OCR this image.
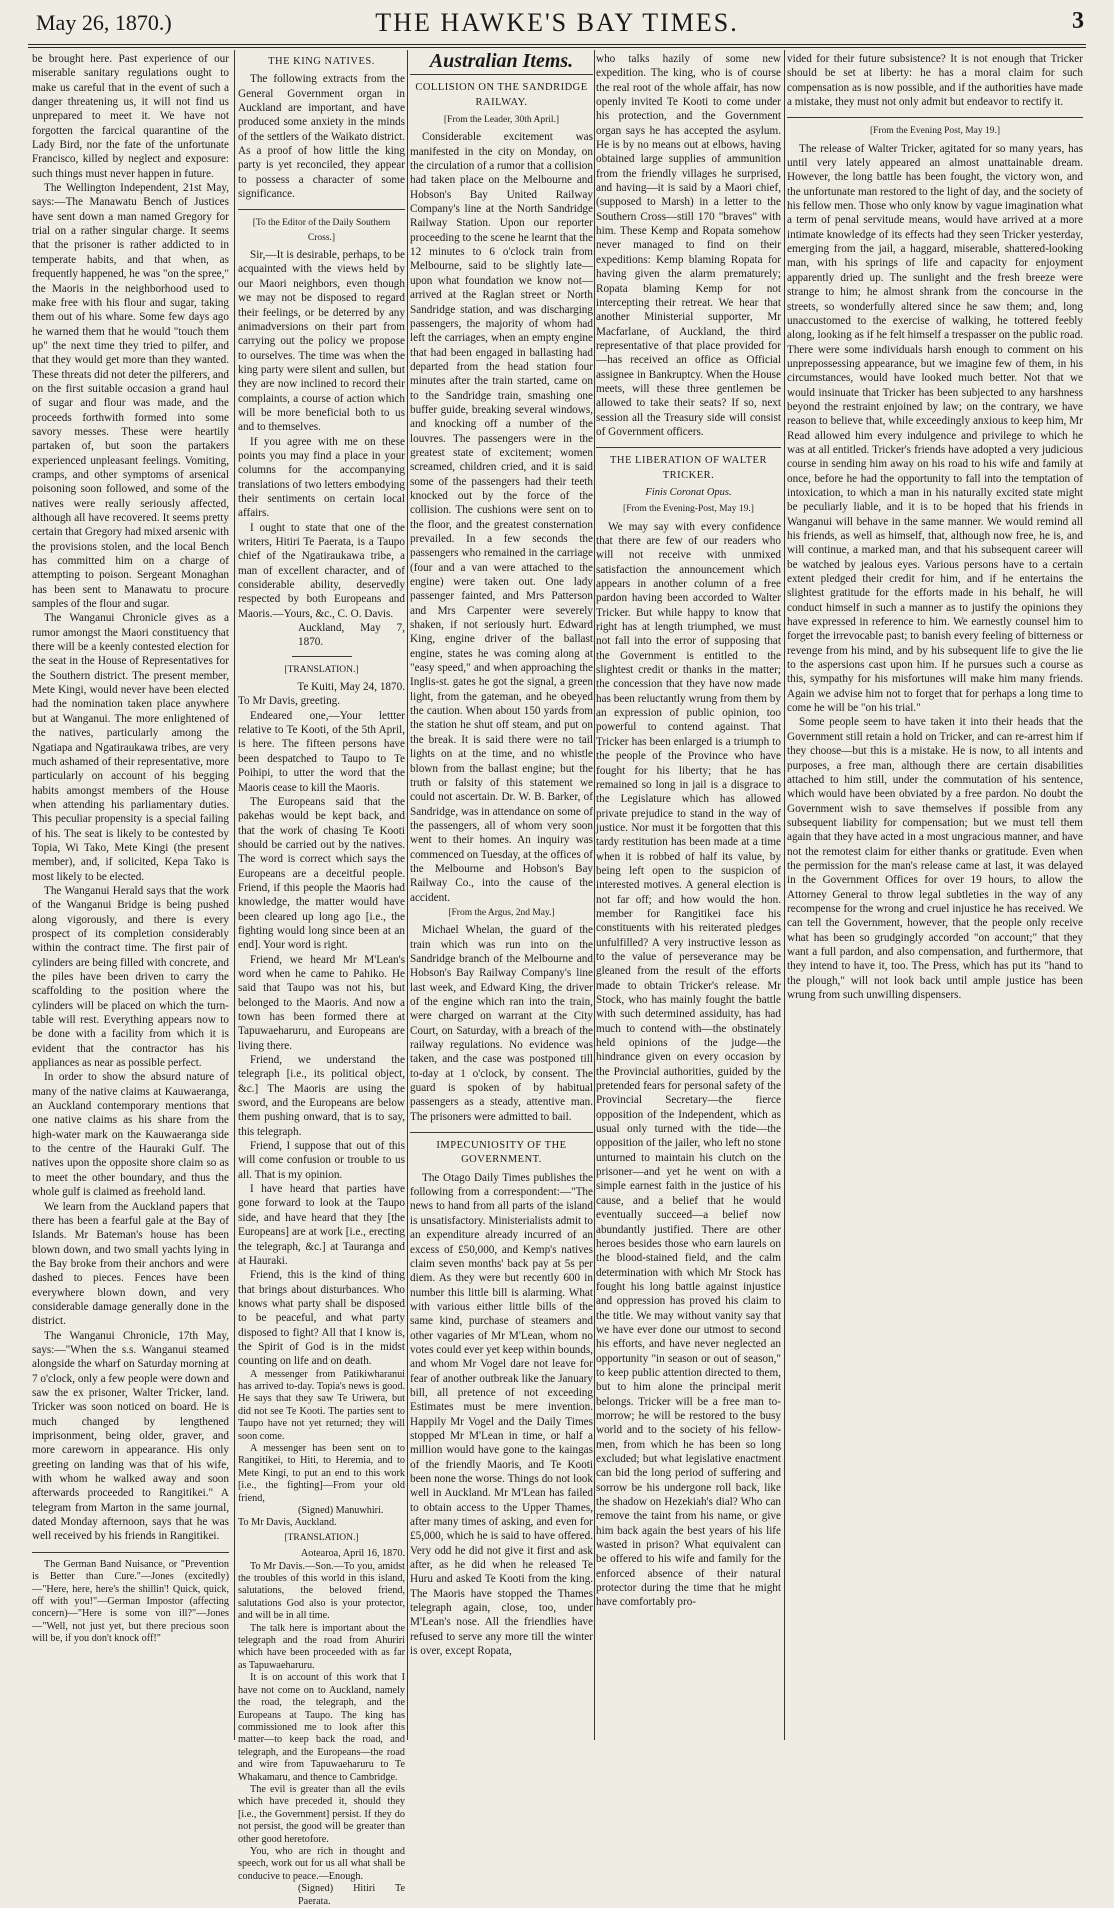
May 26, 1870.)	THE HAWKE'S BAY TIMES.	3

be brought here. Past experience of our miserable sanitary regulations ought to make us careful that in the event of such a danger threatening us, it will not find us unprepared to meet it. We have not forgotten the farcical quarantine of the Lady Bird, nor the fate of the unfortunate Francisco, killed by neglect and exposure: such things must never happen in future.

The Wellington Independent, 21st May, says:—The Manawatu Bench of Justices have sent down a man named Gregory for trial on a rather singular charge. It seems that the prisoner is rather addicted to in temperate habits, and that when, as frequently happened, he was "on the spree," the Maoris in the neighborhood used to make free with his flour and sugar, taking them out of his whare. Some few days ago he warned them that he would "touch them up" the next time they tried to pilfer, and that they would get more than they wanted. These threats did not deter the pilferers, and on the first suitable occasion a grand haul of sugar and flour was made, and the proceeds forthwith formed into some savory messes. These were heartily partaken of, but soon the partakers experienced unpleasant feelings. Vomiting, cramps, and other symptoms of arsenical poisoning soon followed, and some of the natives were really seriously affected, although all have recovered. It seems pretty certain that Gregory had mixed arsenic with the provisions stolen, and the local Bench has committed him on a charge of attempting to poison. Sergeant Monaghan has been sent to Manawatu to procure samples of the flour and sugar.

The Wanganui Chronicle gives as a rumor amongst the Maori constituency that there will be a keenly contested election for the seat in the House of Representatives for the Southern district. The present member, Mete Kingi, would never have been elected had the nomination taken place anywhere but at Wanganui. The more enlightened of the natives, particularly among the Ngatiapa and Ngatiraukawa tribes, are very much ashamed of their representative, more particularly on account of his begging habits amongst members of the House when attending his parliamentary duties. This peculiar propensity is a special failing of his. The seat is likely to be contested by Topia, Wi Tako, Mete Kingi (the present member), and, if solicited, Kepa Tako is most likely to be elected.

The Wanganui Herald says that the work of the Wanganui Bridge is being pushed along vigorously, and there is every prospect of its completion considerably within the contract time. The first pair of cylinders are being filled with concrete, and the piles have been driven to carry the scaffolding to the position where the cylinders will be placed on which the turn-table will rest. Everything appears now to be done with a facility from which it is evident that the contractor has his appliances as near as possible perfect.

In order to show the absurd nature of many of the native claims at Kauwaeranga, an Auckland contemporary mentions that one native claims as his share from the high-water mark on the Kauwaeranga side to the centre of the Hauraki Gulf. The natives upon the opposite shore claim so as to meet the other boundary, and thus the whole gulf is claimed as freehold land.

We learn from the Auckland papers that there has been a fearful gale at the Bay of Islands. Mr Bateman's house has been blown down, and two small yachts lying in the Bay broke from their anchors and were dashed to pieces. Fences have been everywhere blown down, and very considerable damage generally done in the district.

The Wanganui Chronicle, 17th May, says:—"When the s.s. Wanganui steamed alongside the wharf on Saturday morning at 7 o'clock, only a few people were down and saw the ex prisoner, Walter Tricker, land. Tricker was soon noticed on board. He is much changed by lengthened imprisonment, being older, graver, and more careworn in appearance. His only greeting on landing was that of his wife, with whom he walked away and soon afterwards proceeded to Rangitikei." A telegram from Marton in the same journal, dated Monday afternoon, says that he was well received by his friends in Rangitikei.

The German Band Nuisance, or "Prevention is Better than Cure."—Jones (excitedly)—"Here, here, here's the shillin'! Quick, quick, off with you!"—German Impostor (affecting concern)—"Here is some von ill?"—Jones—"Well, not just yet, but there precious soon will be, if you don't knock off!"

THE KING NATIVES.

The following extracts from the General Government organ in Auckland are important, and have produced some anxiety in the minds of the settlers of the Waikato district. As a proof of how little the king party is yet reconciled, they appear to possess a character of some significance.

[To the Editor of the Daily Southern Cross.]

Sir,—It is desirable, perhaps, to be acquainted with the views held by our Maori neighbors, even though we may not be disposed to regard their feelings, or be deterred by any animadversions on their part from carrying out the policy we propose to ourselves. The time was when the king party were silent and sullen, but they are now inclined to record their complaints, a course of action which will be more beneficial both to us and to themselves.

If you agree with me on these points you may find a place in your columns for the accompanying translations of two letters embodying their sentiments on certain local affairs.

I ought to state that one of the writers, Hitiri Te Paerata, is a Taupo chief of the Ngatiraukawa tribe, a man of excellent character, and of considerable ability, deservedly respected by both Europeans and Maoris.—Yours, &c., C. O. Davis.

Auckland, May 7, 1870.

[TRANSLATION.]

Te Kuiti, May 24, 1870.

To Mr Davis, greeting.

Endeared one,—Your lettter relative to Te Kooti, of the 5th April, is here. The fifteen persons have been despatched to Taupo to Te Poihipi, to utter the word that the Maoris cease to kill the Maoris.

The Europeans said that the pakehas would be kept back, and that the work of chasing Te Kooti should be carried out by the natives. The word is correct which says the Europeans are a deceitful people. Friend, if this people the Maoris had knowledge, the matter would have been cleared up long ago [i.e., the fighting would long since been at an end]. Your word is right.

Friend, we heard Mr M'Lean's word when he came to Pahiko. He said that Taupo was not his, but belonged to the Maoris. And now a town has been formed there at Tapuwaeharuru, and Europeans are living there.

Friend, we understand the telegraph [i.e., its political object, &c.] The Maoris are using the sword, and the Europeans are below them pushing onward, that is to say, this telegraph.

Friend, I suppose that out of this will come confusion or trouble to us all. That is my opinion.

I have heard that parties have gone forward to look at the Taupo side, and have heard that they [the Europeans] are at work [i.e., erecting the telegraph, &c.] at Tauranga and at Hauraki.

Friend, this is the kind of thing that brings about disturbances. Who knows what party shall be disposed to be peaceful, and what party disposed to fight? All that I know is, the Spirit of God is in the midst counting on life and on death.

A messenger from Patikiwharanui has arrived to-day. Topia's news is good. He says that they saw Te Uriwera, but did not see Te Kooti. The parties sent to Taupo have not yet returned; they will soon come.

A messenger has been sent on to Rangitikei, to Hiti, to Heremia, and to Mete Kingi, to put an end to this work [i.e., the fighting]—From your old friend,

(Signed) Manuwhiri.

To Mr Davis, Auckland.

[TRANSLATION.]

Aotearoa, April 16, 1870.

To Mr Davis.—Son.—To you, amidst the troubles of this world in this island, salutations, the beloved friend, salutations God also is your protector, and will be in all time.

The talk here is important about the telegraph and the road from Ahuriri which have been proceeded with as far as Tapuwaeharuru.

It is on account of this work that I have not come on to Auckland, namely the road, the telegraph, and the Europeans at Taupo. The king has commissioned me to look after this matter—to keep back the road, and telegraph, and the Europeans—the road and wire from Tapuwaeharuru to Te Whakamaru, and thence to Cambridge.

The evil is greater than all the evils which have preceded it, should they [i.e., the Government] persist. If they do not persist, the good will be greater than other good heretofore.

You, who are rich in thought and speech, work out for us all what shall be conducive to peace.—Enough.

(Signed) Hitiri Te Paerata.

Australian Items.
COLLISION ON THE SANDRIDGE RAILWAY.
[From the Leader, 30th April.]

Considerable excitement was manifested in the city on Monday, on the circulation of a rumor that a collision had taken place on the Melbourne and Hobson's Bay United Railway Company's line at the North Sandridge Railway Station. Upon our reporter proceeding to the scene he learnt that the 12 minutes to 6 o'clock train from Melbourne, said to be slightly late—upon what foundation we know not—arrived at the Raglan street or North Sandridge station, and was discharging passengers, the majority of whom had left the carriages, when an empty engine that had been engaged in ballasting had departed from the head station four minutes after the train started, came on to the Sandridge train, smashing one buffer guide, breaking several windows, and knocking off a number of the louvres. The passengers were in the greatest state of excitement; women screamed, children cried, and it is said some of the passengers had their teeth knocked out by the force of the collision. The cushions were sent on to the floor, and the greatest consternation prevailed. In a few seconds the passengers who remained in the carriage (four and a van were attached to the engine) were taken out. One lady passenger fainted, and Mrs Patterson and Mrs Carpenter were severely shaken, if not seriously hurt. Edward King, engine driver of the ballast engine, states he was coming along at "easy speed," and when approaching the Inglis-st. gates he got the signal, a green light, from the gateman, and he obeyed the caution. When about 150 yards from the station he shut off steam, and put on the break. It is said there were no tail lights on at the time, and no whistle blown from the ballast engine; but the truth or falsity of this statement we could not ascertain. Dr. W. B. Barker, of Sandridge, was in attendance on some of the passengers, all of whom very soon went to their homes. An inquiry was commenced on Tuesday, at the offices of the Melbourne and Hobson's Bay Railway Co., into the cause of the accident.

[From the Argus, 2nd May.]

Michael Whelan, the guard of the train which was run into on the Sandridge branch of the Melbourne and Hobson's Bay Railway Company's line last week, and Edward King, the driver of the engine which ran into the train, were charged on warrant at the City Court, on Saturday, with a breach of the railway regulations. No evidence was taken, and the case was postponed till to-day at 1 o'clock, by consent. The guard is spoken of by habitual passengers as a steady, attentive man. The prisoners were admitted to bail.

IMPECUNIOSITY OF THE GOVERNMENT.

The Otago Daily Times publishes the following from a correspondent:—"The news to hand from all parts of the island is unsatisfactory. Ministerialists admit to an expenditure already incurred of an excess of £50,000, and Kemp's natives claim seven months' back pay at 5s per diem. As they were but recently 600 in number this little bill is alarming. What with various either little bills of the same kind, purchase of steamers and other vagaries of Mr M'Lean, whom no votes could ever yet keep within bounds, and whom Mr Vogel dare not leave for fear of another outbreak like the January bill, all pretence of not exceeding Estimates must be mere invention. Happily Mr Vogel and the Daily Times stopped Mr M'Lean in time, or half a million would have gone to the kaingas of the friendly Maoris, and Te Kooti been none the worse. Things do not look well in Auckland. Mr M'Lean has failed to obtain access to the Upper Thames, after many times of asking, and even for £5,000, which he is said to have offered. Very odd he did not give it first and ask after, as he did when he released Te Huru and asked Te Kooti from the king. The Maoris have stopped the Thames telegraph again, close, too, under M'Lean's nose. All the friendlies have refused to serve any more till the winter is over, except Ropata,

who talks hazily of some new expedition. The king, who is of course the real root of the whole affair, has now openly invited Te Kooti to come under his protection, and the Government organ says he has accepted the asylum. He is by no means out at elbows, having obtained large supplies of ammunition from the friendly villages he surprised, and having—it is said by a Maori chief, (supposed to Marsh) in a letter to the Southern Cross—still 170 "braves" with him. These Kemp and Ropata somehow never managed to find on their expeditions: Kemp blaming Ropata for having given the alarm prematurely; Ropata blaming Kemp for not intercepting their retreat. We hear that another Ministerial supporter, Mr Macfarlane, of Auckland, the third representative of that place provided for—has received an office as Official assignee in Bankruptcy. When the House meets, will these three gentlemen be allowed to take their seats? If so, next session all the Treasury side will consist of Government officers.

THE LIBERATION OF WALTER TRICKER.
Finis Coronat Opus.
[From the Evening-Post, May 19.]

We may say with every confidence that there are few of our readers who will not receive with unmixed satisfaction the announcement which appears in another column of a free pardon having been accorded to Walter Tricker. But while happy to know that right has at length triumphed, we must not fall into the error of supposing that the Government is entitled to the slightest credit or thanks in the matter; the concession that they have now made has been reluctantly wrung from them by an expression of public opinion, too powerful to contend against. That Tricker has been enlarged is a triumph to the people of the Province who have fought for his liberty; that he has remained so long in jail is a disgrace to the Legislature which has allowed private prejudice to stand in the way of justice. Nor must it be forgotten that this tardy restitution has been made at a time when it is robbed of half its value, by being left open to the suspicion of interested motives. A general election is not far off; and how would the hon. member for Rangitikei face his constituents with his reiterated pledges unfulfilled? A very instructive lesson as to the value of perseverance may be gleaned from the result of the efforts made to obtain Tricker's release. Mr Stock, who has mainly fought the battle with such determined assiduity, has had much to contend with—the obstinately held opinions of the judge—the hindrance given on every occasion by the Provincial authorities, guided by the pretended fears for personal safety of the Provincial Secretary—the fierce opposition of the Independent, which as usual only turned with the tide—the opposition of the jailer, who left no stone unturned to maintain his clutch on the prisoner—and yet he went on with a simple earnest faith in the justice of his cause, and a belief that he would eventually succeed—a belief now abundantly justified. There are other heroes besides those who earn laurels on the blood-stained field, and the calm determination with which Mr Stock has fought his long battle against injustice and oppression has proved his claim to the title. We may without vanity say that we have ever done our utmost to second his efforts, and have never neglected an opportunity "in season or out of season," to keep public attention directed to them, but to him alone the principal merit belongs. Tricker will be a free man to-morrow; he will be restored to the busy world and to the society of his fellow-men, from which he has been so long excluded; but what legislative enactment can bid the long period of suffering and sorrow be his undergone roll back, like the shadow on Hezekiah's dial? Who can remove the taint from his name, or give him back again the best years of his life wasted in prison? What equivalent can be offered to his wife and family for the enforced absence of their natural protector during the time that he might have comfortably pro-

vided for their future subsistence? It is not enough that Tricker should be set at liberty: he has a moral claim for such compensation as is now possible, and if the authorities have made a mistake, they must not only admit but endeavor to rectify it.

[From the Evening Post, May 19.]

The release of Walter Tricker, agitated for so many years, has until very lately appeared an almost unattainable dream. However, the long battle has been fought, the victory won, and the unfortunate man restored to the light of day, and the society of his fellow men. Those who only know by vague imagination what a term of penal servitude means, would have arrived at a more intimate knowledge of its effects had they seen Tricker yesterday, emerging from the jail, a haggard, miserable, shattered-looking man, with his springs of life and capacity for enjoyment apparently dried up. The sunlight and the fresh breeze were strange to him; he almost shrank from the concourse in the streets, so wonderfully altered since he saw them; and, long unaccustomed to the exercise of walking, he tottered feebly along, looking as if he felt himself a trespasser on the public road. There were some individuals harsh enough to comment on his unprepossessing appearance, but we imagine few of them, in his circumstances, would have looked much better. Not that we would insinuate that Tricker has been subjected to any harshness beyond the restraint enjoined by law; on the contrary, we have reason to believe that, while exceedingly anxious to keep him, Mr Read allowed him every indulgence and privilege to which he was at all entitled. Tricker's friends have adopted a very judicious course in sending him away on his road to his wife and family at once, before he had the opportunity to fall into the temptation of intoxication, to which a man in his naturally excited state might be peculiarly liable, and it is to be hoped that his friends in Wanganui will behave in the same manner. We would remind all his friends, as well as himself, that, although now free, he is, and will continue, a marked man, and that his subsequent career will be watched by jealous eyes. Various persons have to a certain extent pledged their credit for him, and if he entertains the slightest gratitude for the efforts made in his behalf, he will conduct himself in such a manner as to justify the opinions they have expressed in reference to him. We earnestly counsel him to forget the irrevocable past; to banish every feeling of bitterness or revenge from his mind, and by his subsequent life to give the lie to the aspersions cast upon him. If he pursues such a course as this, sympathy for his misfortunes will make him many friends. Again we advise him not to forget that for perhaps a long time to come he will be "on his trial."

Some people seem to have taken it into their heads that the Government still retain a hold on Tricker, and can re-arrest him if they choose—but this is a mistake. He is now, to all intents and purposes, a free man, although there are certain disabilities attached to him still, under the commutation of his sentence, which would have been obviated by a free pardon. No doubt the Government wish to save themselves if possible from any subsequent liability for compensation; but we must tell them again that they have acted in a most ungracious manner, and have not the remotest claim for either thanks or gratitude. Even when the permission for the man's release came at last, it was delayed in the Government Offices for over 19 hours, to allow the Attorney General to throw legal subtleties in the way of any recompense for the wrong and cruel injustice he has received. We can tell the Government, however, that the people only receive what has been so grudgingly accorded "on account;" that they want a full pardon, and also compensation, and furthermore, that they intend to have it, too. The Press, which has put its "hand to the plough," will not look back until ample justice has been wrung from such unwilling dispensers.
